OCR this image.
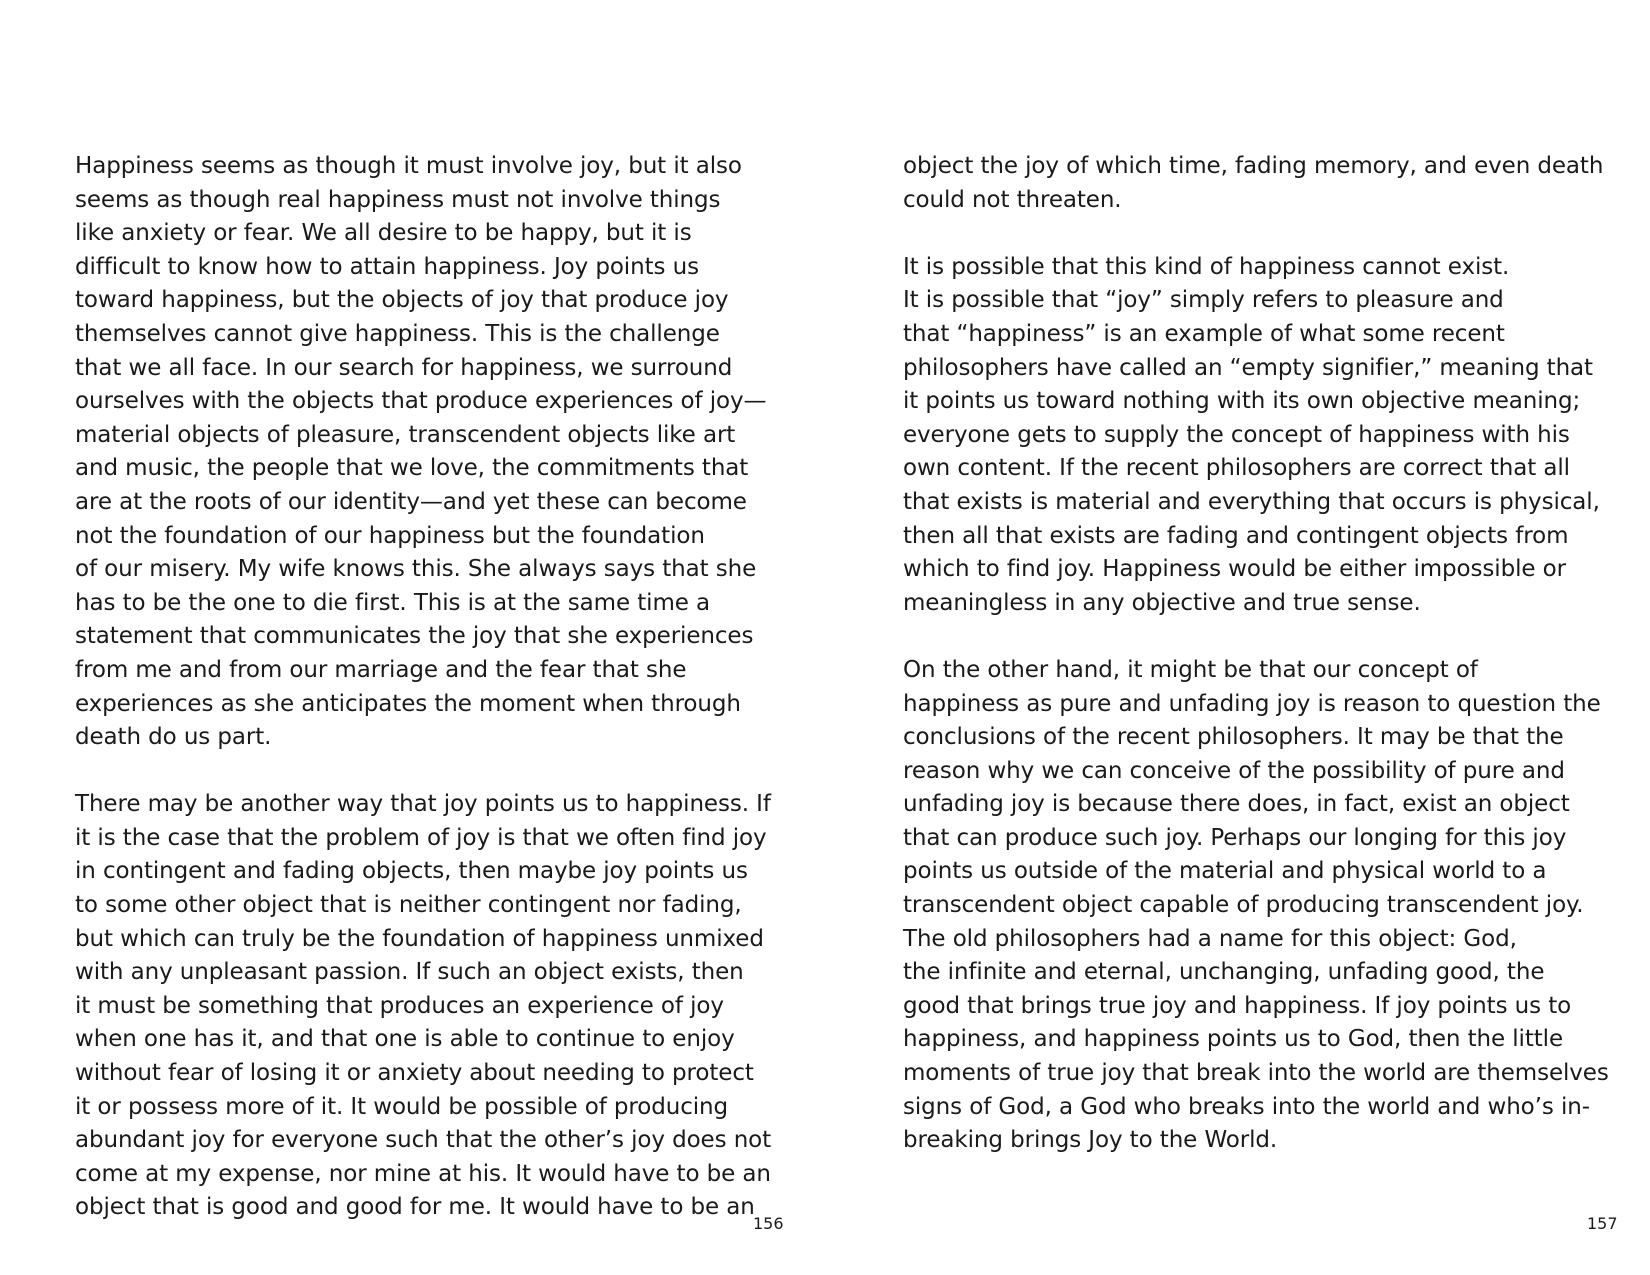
Happiness seems as though it must involve joy, but it also
seems as though real happiness must not involve things
like anxiety or fear. We all desire to be happy, but it is
difficult to know how to attain happiness. Joy points us
toward happiness, but the objects of joy that produce joy
themselves cannot give happiness. This is the challenge
that we all face. In our search for happiness, we surround
ourselves with the objects that produce experiences of joy—
material objects of pleasure, transcendent objects like art
and music, the people that we love, the commitments that
are at the roots of our identity—and yet these can become
not the foundation of our happiness but the foundation
of our misery. My wife knows this. She always says that she
has to be the one to die first. This is at the same time a
statement that communicates the joy that she experiences
from me and from our marriage and the fear that she
experiences as she anticipates the moment when through
death do us part.
There may be another way that joy points us to happiness. If
it is the case that the problem of joy is that we often find joy
in contingent and fading objects, then maybe joy points us
to some other object that is neither contingent nor fading,
but which can truly be the foundation of happiness unmixed
with any unpleasant passion. If such an object exists, then
it must be something that produces an experience of joy
when one has it, and that one is able to continue to enjoy
without fear of losing it or anxiety about needing to protect
it or possess more of it. It would be possible of producing
abundant joy for everyone such that the other’s joy does not
come at my expense, nor mine at his. It would have to be an
object that is good and good for me. It would have to be an
156
object the joy of which time, fading memory, and even death
could not threaten.
It is possible that this kind of happiness cannot exist.
It is possible that “joy” simply refers to pleasure and
that “happiness” is an example of what some recent
philosophers have called an “empty signifier,” meaning that
it points us toward nothing with its own objective meaning;
everyone gets to supply the concept of happiness with his
own content. If the recent philosophers are correct that all
that exists is material and everything that occurs is physical,
then all that exists are fading and contingent objects from
which to find joy. Happiness would be either impossible or
meaningless in any objective and true sense.
On the other hand, it might be that our concept of
happiness as pure and unfading joy is reason to question the
conclusions of the recent philosophers. It may be that the
reason why we can conceive of the possibility of pure and
unfading joy is because there does, in fact, exist an object
that can produce such joy. Perhaps our longing for this joy
points us outside of the material and physical world to a
transcendent object capable of producing transcendent joy.
The old philosophers had a name for this object: God,
the infinite and eternal, unchanging, unfading good, the
good that brings true joy and happiness. If joy points us to
happiness, and happiness points us to God, then the little
moments of true joy that break into the world are themselves
signs of God, a God who breaks into the world and who’s in-
breaking brings Joy to the World.
157
